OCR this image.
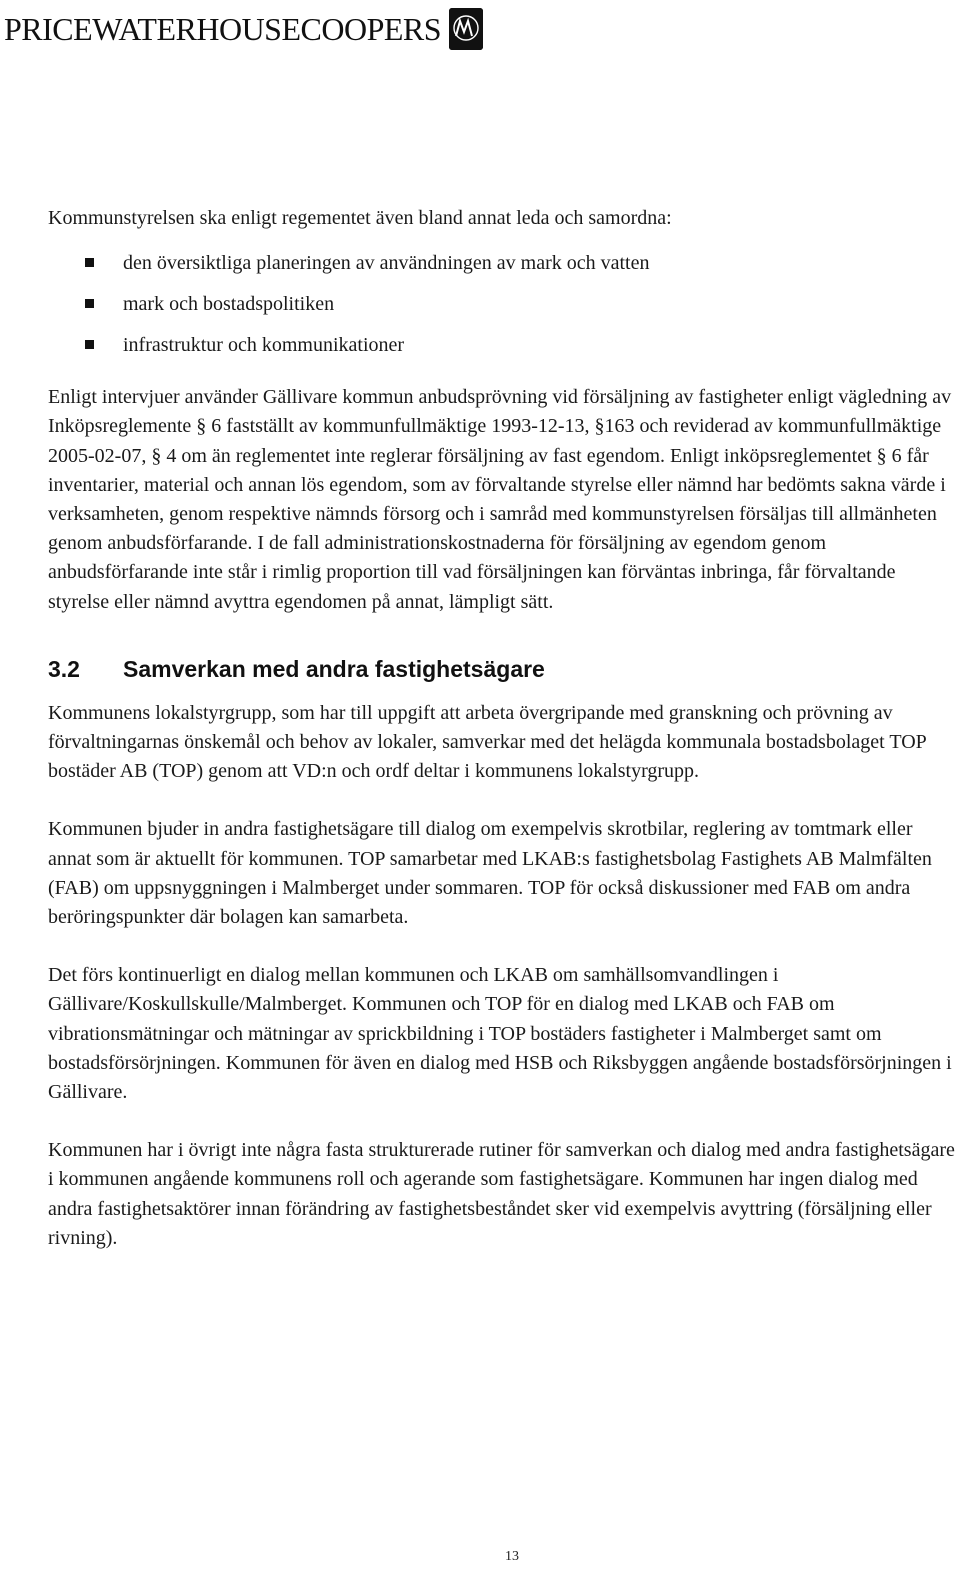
PRICEWATERHOUSECOOPERS

Kommunstyrelsen ska enligt regementet även bland annat leda och samordna:

den översiktliga planeringen av användningen av mark och vatten
mark och bostadspolitiken
infrastruktur och kommunikationer

Enligt intervjuer använder Gällivare kommun anbudsprövning vid försäljning av fastigheter enligt vägledning av Inköpsreglemente § 6 fastställt av kommunfullmäktige 1993-12-13, §163 och reviderad av kommunfullmäktige 2005-02-07, § 4 om än reglementet inte reglerar försäljning av fast egendom. Enligt inköpsreglementet § 6 får inventarier, material och annan lös egendom, som av förvaltande styrelse eller nämnd har bedömts sakna värde i verksamheten, genom respektive nämnds försorg och i samråd med kommunstyrelsen försäljas till allmänheten genom anbudsförfarande. I de fall administrationskostnaderna för försäljning av egendom genom anbudsförfarande inte står i rimlig proportion till vad försäljningen kan förväntas inbringa, får förvaltande styrelse eller nämnd avyttra egendomen på annat, lämpligt sätt.

3.2 Samverkan med andra fastighetsägare

Kommunens lokalstyrgrupp, som har till uppgift att arbeta övergripande med granskning och prövning av förvaltningarnas önskemål och behov av lokaler, samverkar med det helägda kommunala bostadsbolaget TOP bostäder AB (TOP) genom att VD:n och ordf deltar i kommunens lokalstyrgrupp.

Kommunen bjuder in andra fastighetsägare till dialog om exempelvis skrotbilar, reglering av tomtmark eller annat som är aktuellt för kommunen. TOP samarbetar med LKAB:s fastighetsbolag Fastighets AB Malmfälten (FAB) om uppsnyggningen i Malmberget under sommaren. TOP för också diskussioner med FAB om andra beröringspunkter där bolagen kan samarbeta.

Det förs kontinuerligt en dialog mellan kommunen och LKAB om samhällsomvandlingen i Gällivare/Koskullskulle/Malmberget. Kommunen och TOP för en dialog med LKAB och FAB om vibrationsmätningar och mätningar av sprickbildning i TOP bostäders fastigheter i Malmberget samt om bostadsförsörjningen. Kommunen för även en dialog med HSB och Riksbyggen angående bostadsförsörjningen i Gällivare.

Kommunen har i övrigt inte några fasta strukturerade rutiner för samverkan och dialog med andra fastighetsägare i kommunen angående kommunens roll och agerande som fastighetsägare. Kommunen har ingen dialog med andra fastighetsaktörer innan förändring av fastighetsbeståndet sker vid exempelvis avyttring (försäljning eller rivning).

13
